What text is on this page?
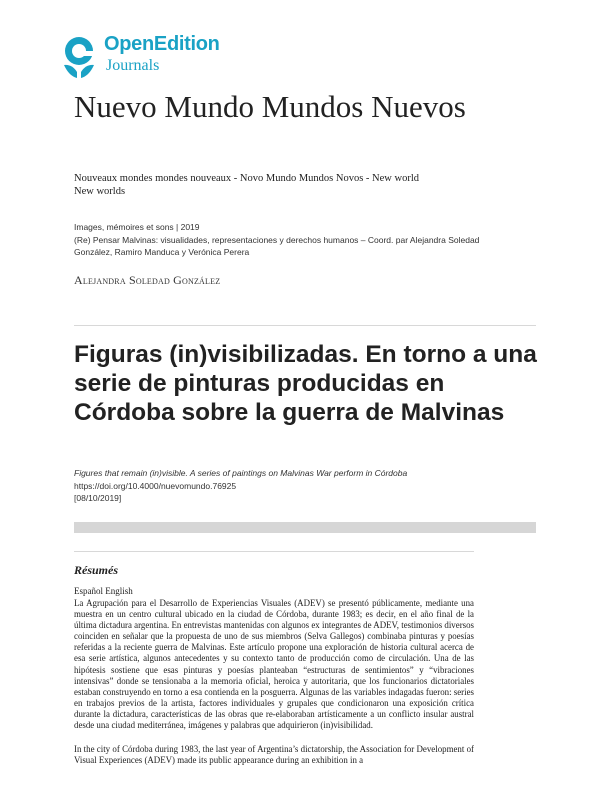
OpenEdition
Journals
Nuevo Mundo Mundos Nuevos
Nouveaux mondes mondes nouveaux - Novo Mundo Mundos Novos - New world New worlds
Images, mémoires et sons | 2019
(Re) Pensar Malvinas: visualidades, representaciones y derechos humanos – Coord. par Alejandra Soledad González, Ramiro Manduca y Verónica Perera
Alejandra Soledad González
Figuras (in)visibilizadas. En torno a una serie de pinturas producidas en Córdoba sobre la guerra de Malvinas
Figures that remain (in)visible. A series of paintings on Malvinas War perform in Córdoba
https://doi.org/10.4000/nuevomundo.76925
[08/10/2019]
Résumés
Español English

La Agrupación para el Desarrollo de Experiencias Visuales (ADEV) se presentó públicamente, mediante una muestra en un centro cultural ubicado en la ciudad de Córdoba, durante 1983; es decir, en el año final de la última dictadura argentina. En entrevistas mantenidas con algunos ex integrantes de ADEV, testimonios diversos coinciden en señalar que la propuesta de uno de sus miembros (Selva Gallegos) combinaba pinturas y poesías referidas a la reciente guerra de Malvinas. Este artículo propone una exploración de historia cultural acerca de esa serie artística, algunos antecedentes y su contexto tanto de producción como de circulación. Una de las hipótesis sostiene que esas pinturas y poesías planteaban “estructuras de sentimientos” y “vibraciones intensivas” donde se tensionaba a la memoria oficial, heroica y autoritaria, que los funcionarios dictatoriales estaban construyendo en torno a esa contienda en la posguerra. Algunas de las variables indagadas fueron: series en trabajos previos de la artista, factores individuales y grupales que condicionaron una exposición crítica durante la dictadura, características de las obras que re-elaboraban artísticamente a un conflicto insular austral desde una ciudad mediterránea, imágenes y palabras que adquirieron (in)visibilidad.

In the city of Córdoba during 1983, the last year of Argentina’s dictatorship, the Association for Development of Visual Experiences (ADEV) made its public appearance during an exhibition in a
